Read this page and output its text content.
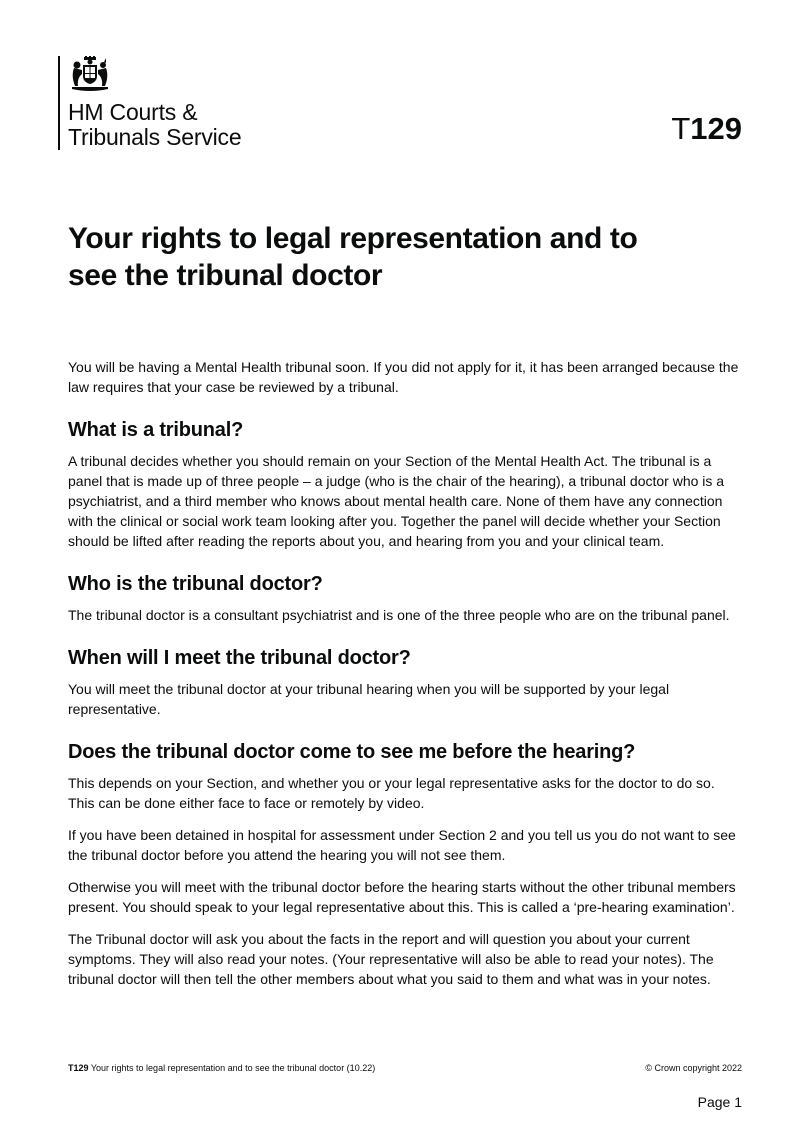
HM Courts &
Tribunals Service	T129
Your rights to legal representation and to
see the tribunal doctor

You will be having a Mental Health tribunal soon. If you did not apply for it, it has been arranged because the law requires that your case be reviewed by a tribunal.

What is a tribunal?

A tribunal decides whether you should remain on your Section of the Mental Health Act. The tribunal is a panel that is made up of three people – a judge (who is the chair of the hearing), a tribunal doctor who is a psychiatrist, and a third member who knows about mental health care. None of them have any connection with the clinical or social work team looking after you. Together the panel will decide whether your Section should be lifted after reading the reports about you, and hearing from you and your clinical team.

Who is the tribunal doctor?

The tribunal doctor is a consultant psychiatrist and is one of the three people who are on the tribunal panel.

When will I meet the tribunal doctor?

You will meet the tribunal doctor at your tribunal hearing when you will be supported by your legal representative.

Does the tribunal doctor come to see me before the hearing?

This depends on your Section, and whether you or your legal representative asks for the doctor to do so. This can be done either face to face or remotely by video.

If you have been detained in hospital for assessment under Section 2 and you tell us you do not want to see the tribunal doctor before you attend the hearing you will not see them.

Otherwise you will meet with the tribunal doctor before the hearing starts without the other tribunal members present. You should speak to your legal representative about this. This is called a ‘pre-hearing examination’.

The Tribunal doctor will ask you about the facts in the report and will question you about your current symptoms. They will also read your notes. (Your representative will also be able to read your notes). The tribunal doctor will then tell the other members about what you said to them and what was in your notes.

T129 Your rights to legal representation and to see the tribunal doctor (10.22)	© Crown copyright 2022
Page 1
